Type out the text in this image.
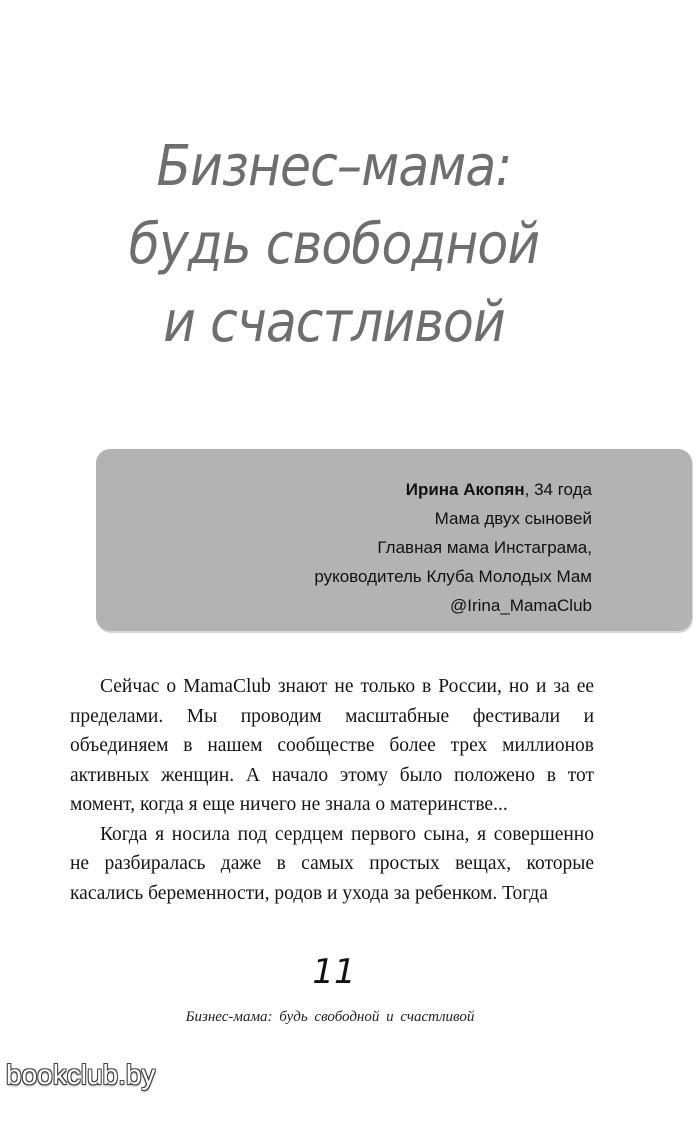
Бизнес–мама:
будь свободной
и счастливой
Ирина Акопян, 34 года
Мама двух сыновей
Главная мама Инстаграма,
руководитель Клуба Молодых Мам
@Irina_MamaClub

Сейчас о MamaClub знают не только в России, но и за ее пределами. Мы проводим масштабные фестивали и объединяем в нашем сообществе более трех миллионов активных женщин. А начало этому было положено в тот момент, когда я еще ничего не знала о материнстве...

Когда я носила под сердцем первого сына, я совершенно не разбиралась даже в самых простых вещах, которые касались беременности, родов и ухода за ребенком. Тогда

11
Бизнес-мама: будь свободной и счастливой
bookclub.by
